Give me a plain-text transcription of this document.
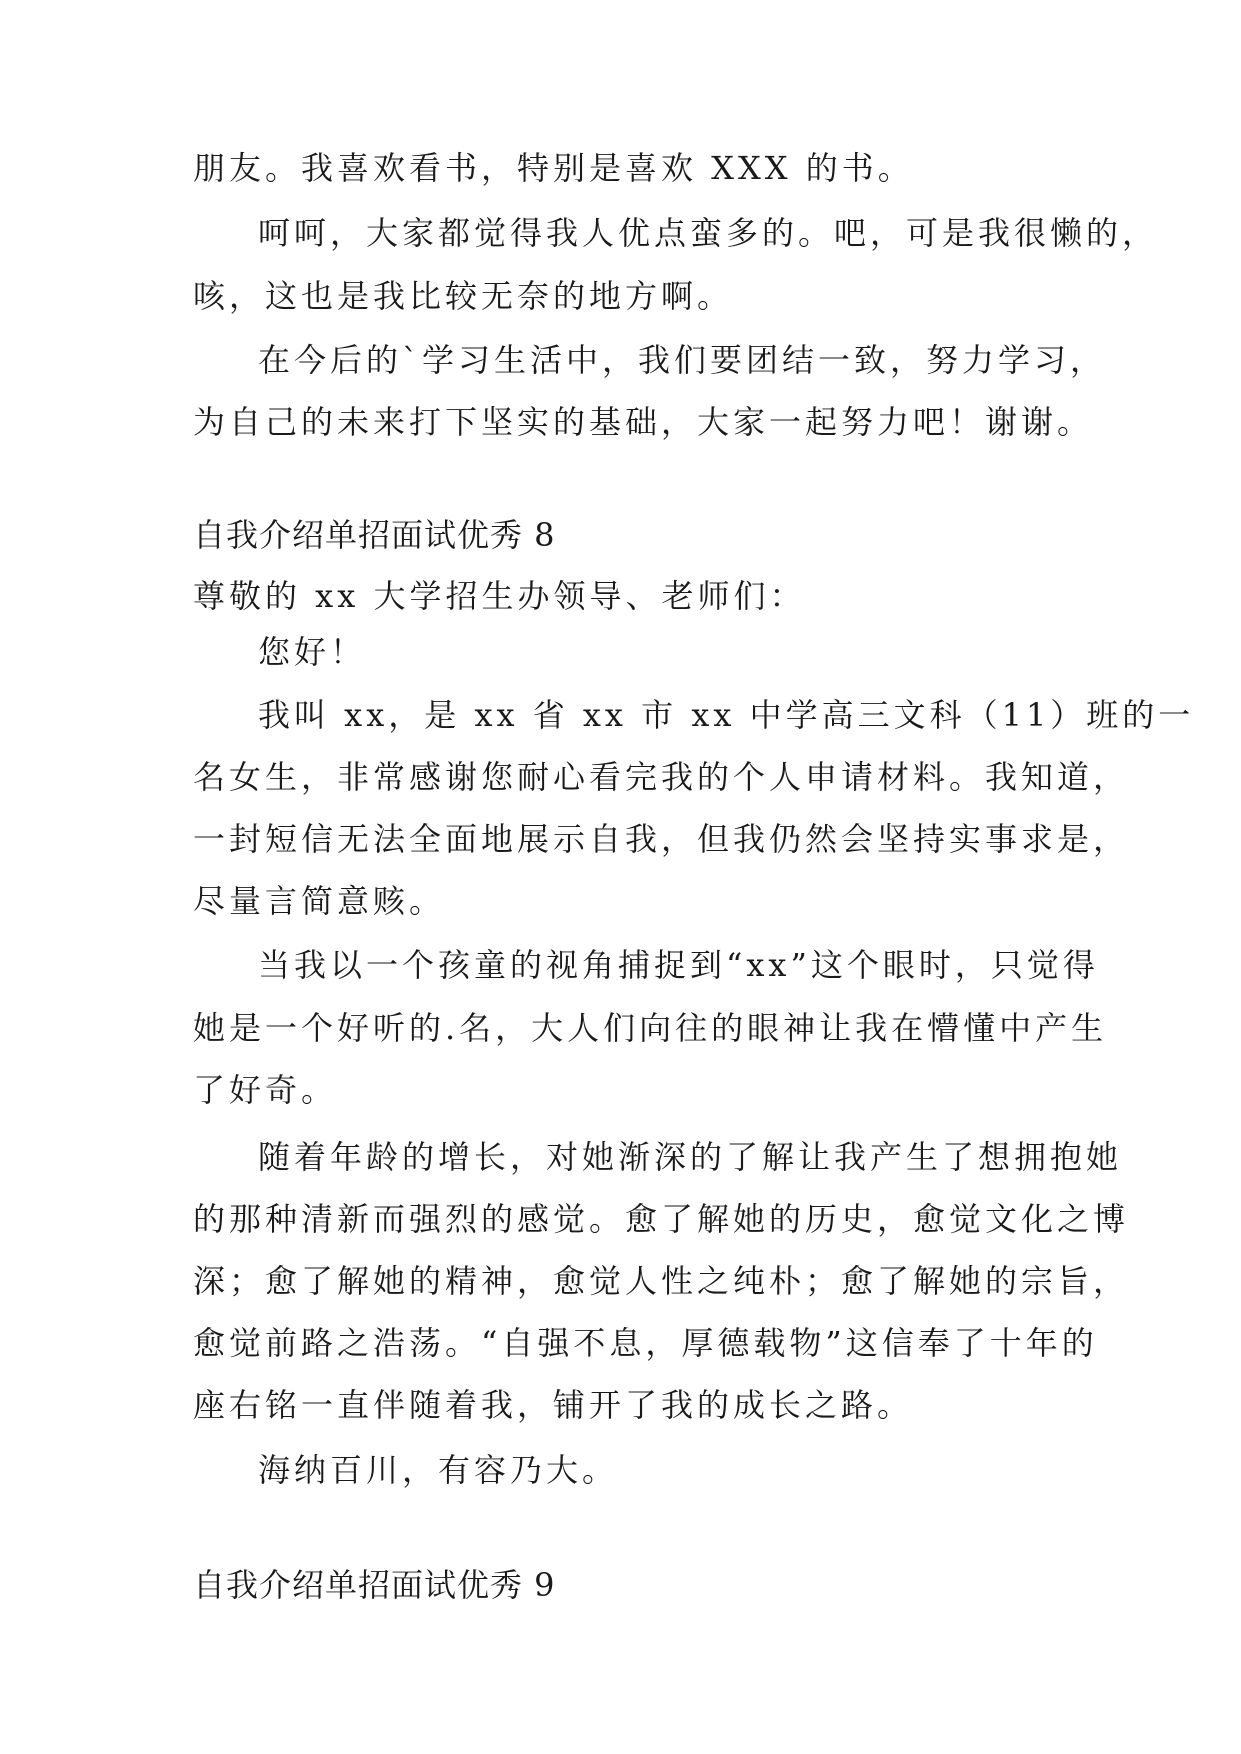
朋友。我喜欢看书，特别是喜欢 XXX 的书。
呵呵，大家都觉得我人优点蛮多的。吧，可是我很懒的，
咳，这也是我比较无奈的地方啊。
在今后的`学习生活中，我们要团结一致，努力学习，
为自己的未来打下坚实的基础，大家一起努力吧！谢谢。
自我介绍单招面试优秀 8
尊敬的 xx 大学招生办领导、老师们：
您好！
我叫 xx，是 xx 省 xx 市 xx 中学高三文科（11）班的一
名女生，非常感谢您耐心看完我的个人申请材料。我知道，
一封短信无法全面地展示自我，但我仍然会坚持实事求是，
尽量言简意赅。
当我以一个孩童的视角捕捉到“xx”这个眼时，只觉得
她是一个好听的.名，大人们向往的眼神让我在懵懂中产生
了好奇。
随着年龄的增长，对她渐深的了解让我产生了想拥抱她
的那种清新而强烈的感觉。愈了解她的历史，愈觉文化之博
深；愈了解她的精神，愈觉人性之纯朴；愈了解她的宗旨，
愈觉前路之浩荡。“自强不息，厚德载物”这信奉了十年的
座右铭一直伴随着我，铺开了我的成长之路。
海纳百川，有容乃大。
自我介绍单招面试优秀 9
